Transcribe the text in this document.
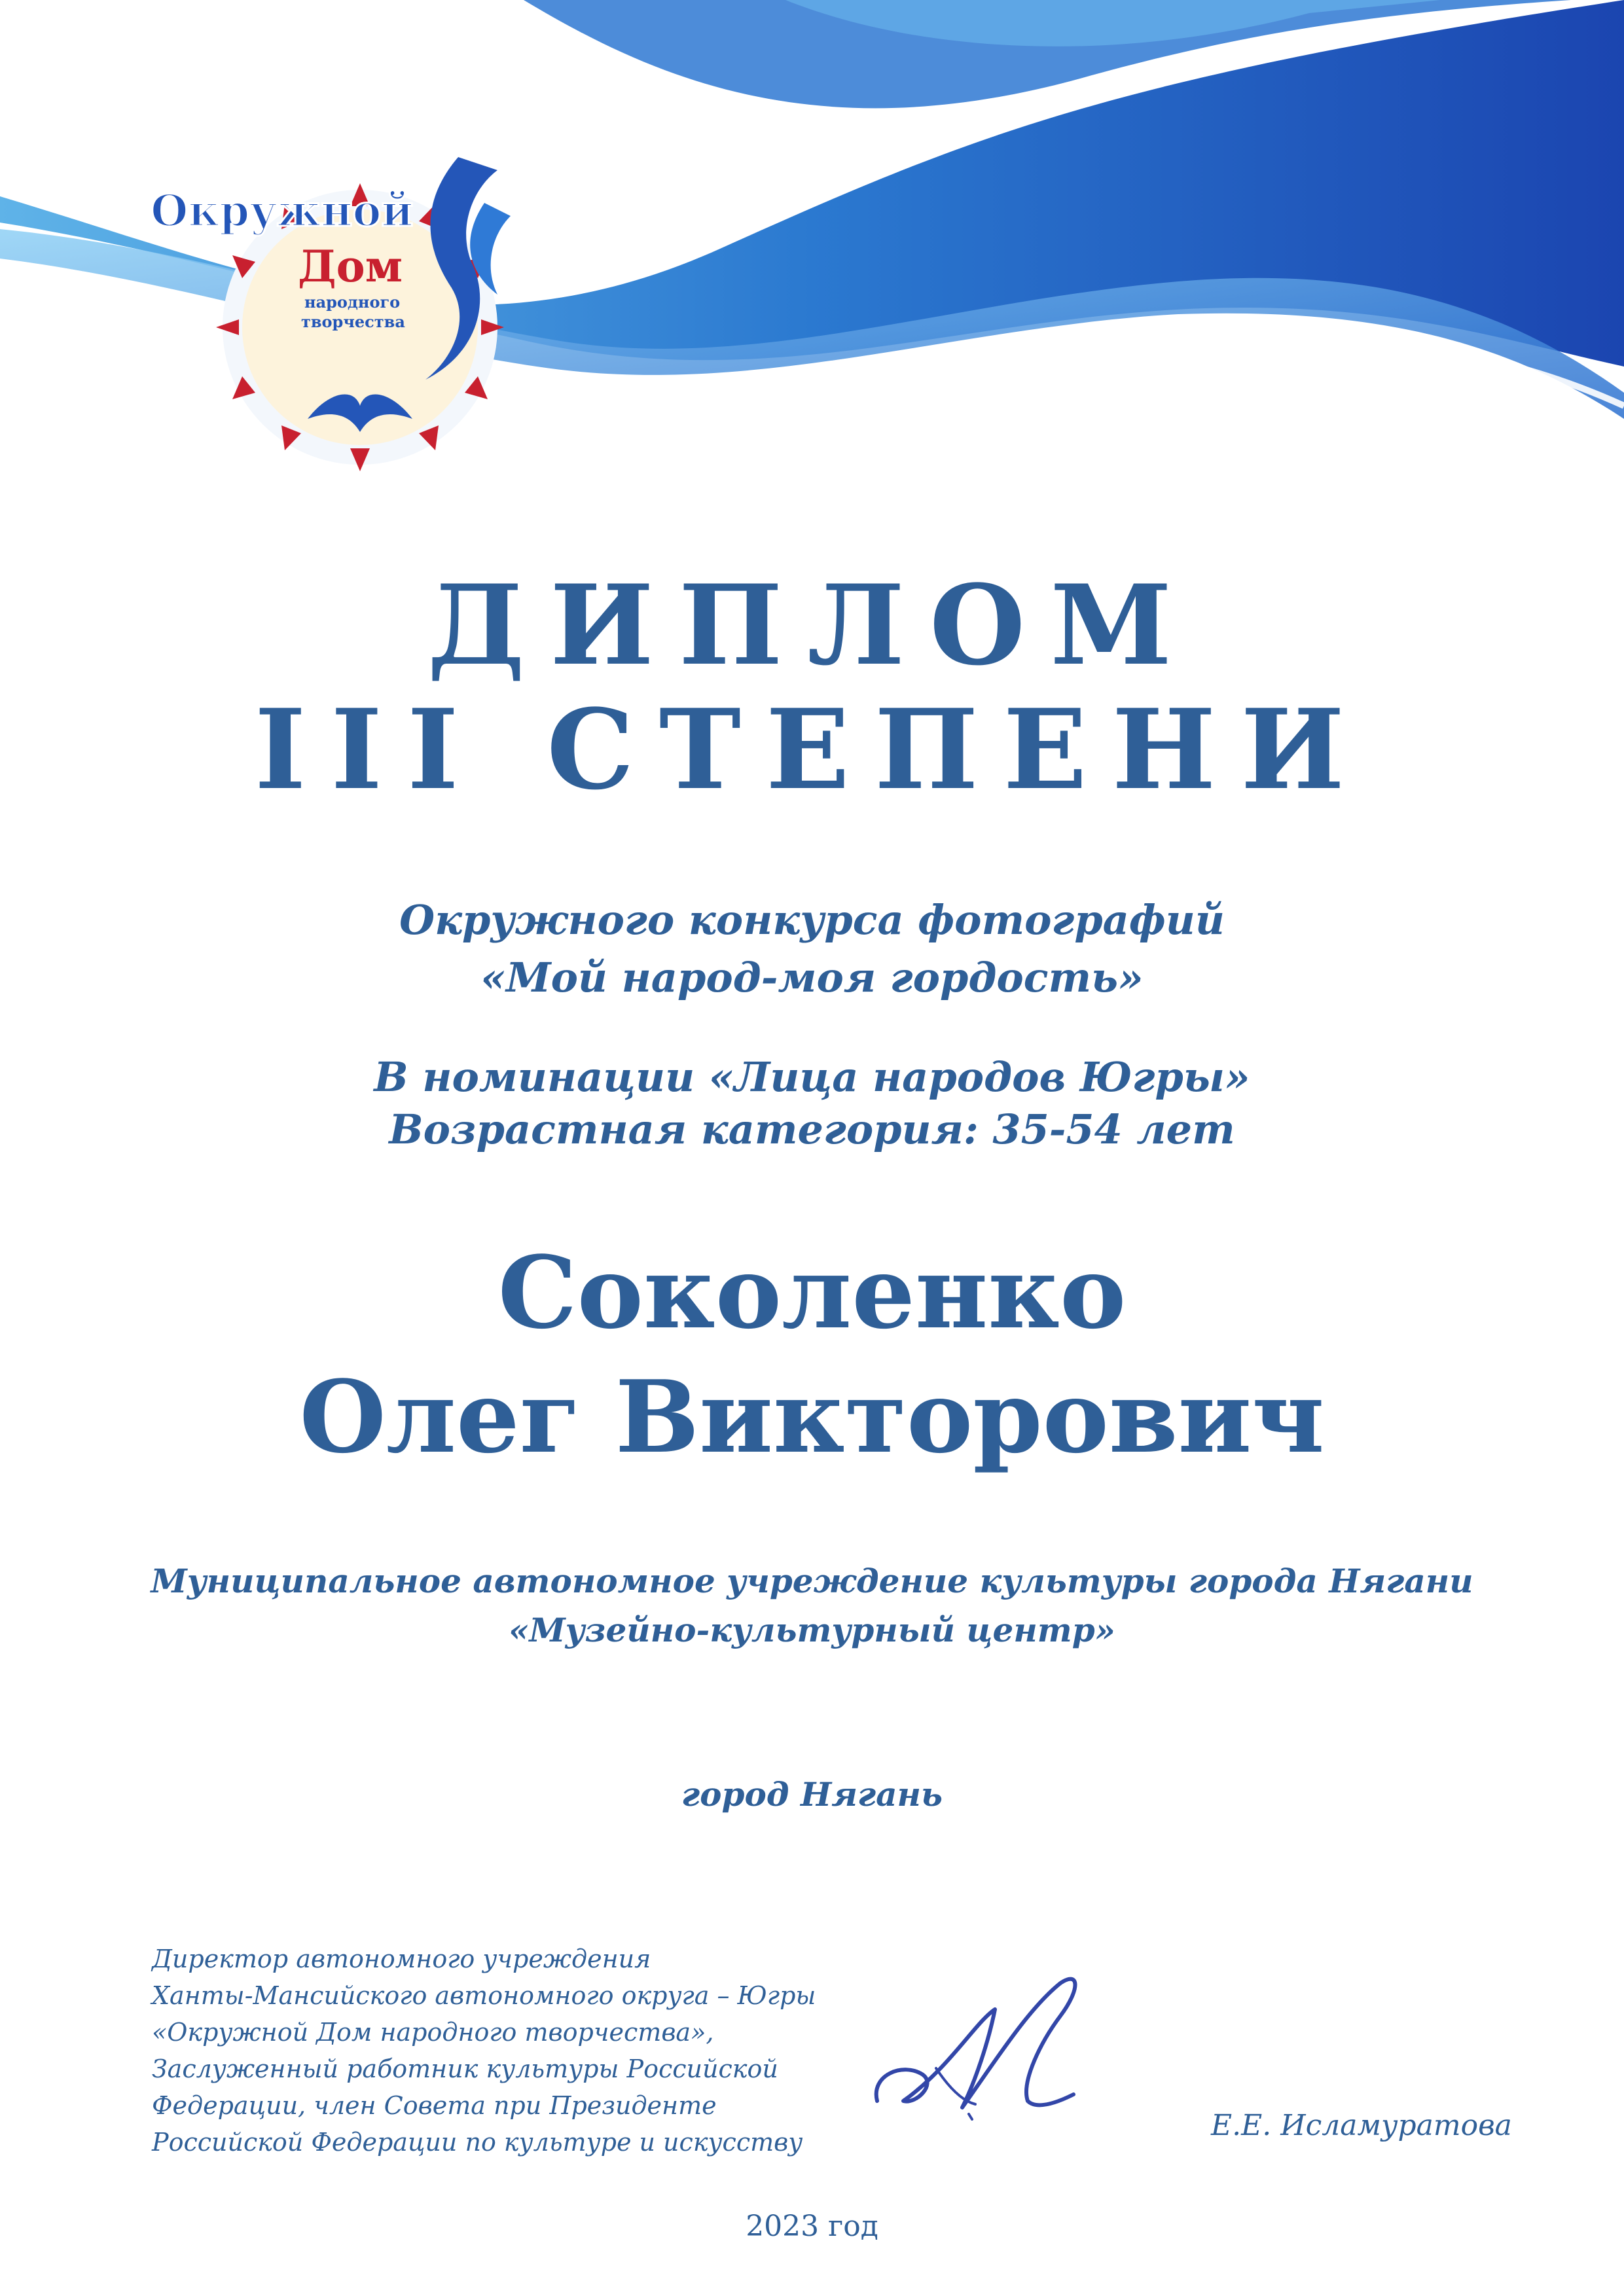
Окружной
Дом
народного
творчества
ДИПЛОМ
III СТЕПЕНИ
Окружного конкурса фотографий
«Мой народ-моя гордость»
В номинации «Лица народов Югры»
Возрастная категория: 35-54 лет
Соколенко
Олег Викторович
Муниципальное автономное учреждение культуры города Нягани
«Музейно-культурный центр»
город Нягань
Директор автономного учреждения
Ханты-Мансийского автономного округа – Югры
«Окружной Дом народного творчества»,
Заслуженный работник культуры Российской
Федерации, член Совета при Президенте
Российской Федерации по культуре и искусству	Е.Е. Исламуратова
2023 год
